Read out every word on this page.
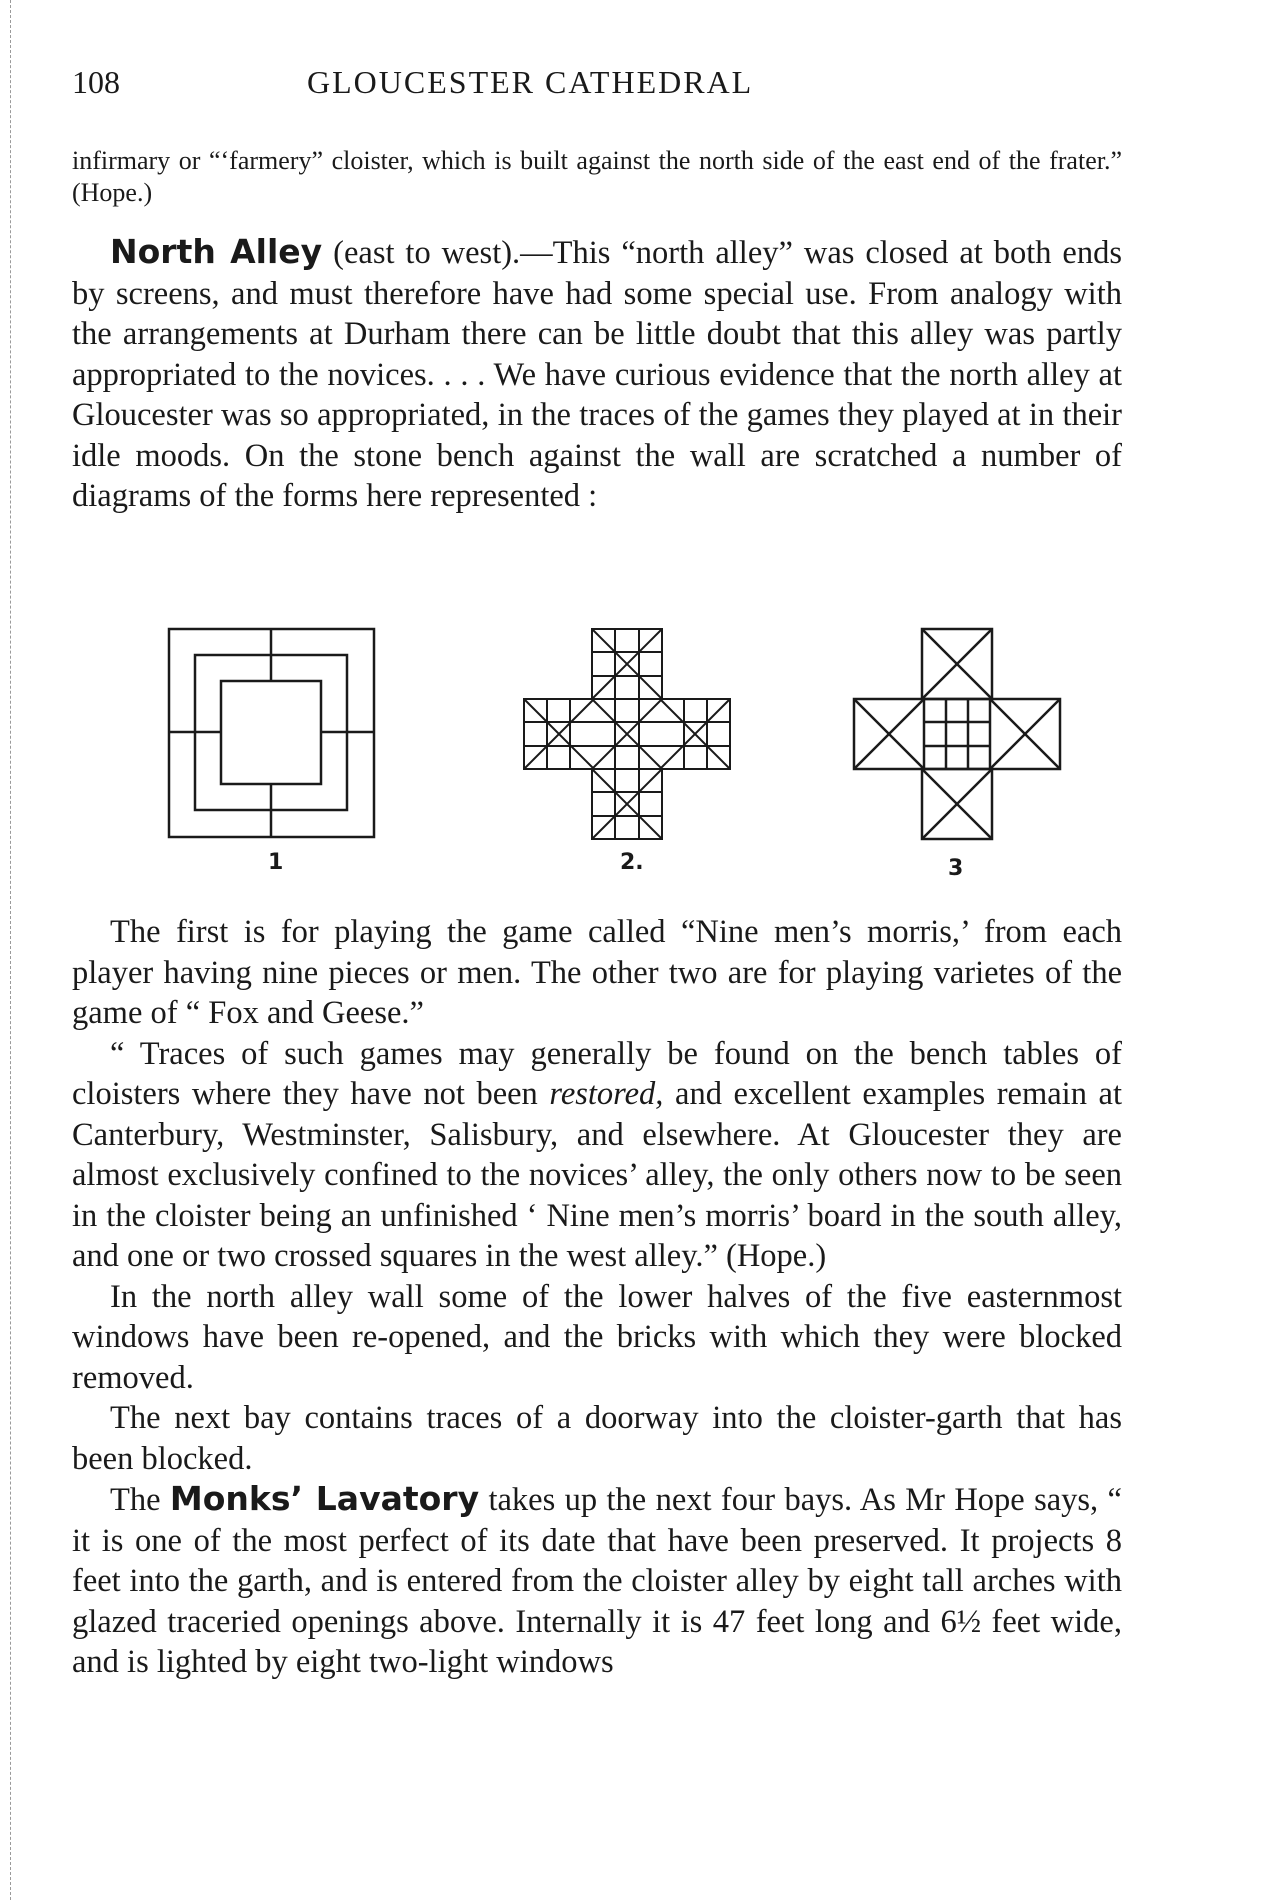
108	GLOUCESTER CATHEDRAL
infirmary or “‘farmery” cloister, which is built against the north side of the east end of the frater.” (Hope.)

North Alley (east to west).—This “north alley” was closed at both ends by screens, and must therefore have had some special use. From analogy with the arrangements at Durham there can be little doubt that this alley was partly appropriated to the novices. . . . We have curious evidence that the north alley at Gloucester was so appropriated, in the traces of the games they played at in their idle moods. On the stone bench against the wall are scratched a number of diagrams of the forms here represented :

1	2.	3

The first is for playing the game called “Nine men’s morris,’ from each player having nine pieces or men. The other two are for playing varietes of the game of “ Fox and Geese.”

“ Traces of such games may generally be found on the bench tables of cloisters where they have not been restored, and excellent examples remain at Canterbury, Westminster, Salisbury, and elsewhere. At Gloucester they are almost exclusively confined to the novices’ alley, the only others now to be seen in the cloister being an unfinished ‘ Nine men’s morris’ board in the south alley, and one or two crossed squares in the west alley.” (Hope.)

In the north alley wall some of the lower halves of the five easternmost windows have been re-opened, and the bricks with which they were blocked removed.

The next bay contains traces of a doorway into the cloister-garth that has been blocked.

The Monks’ Lavatory takes up the next four bays. As Mr Hope says, “ it is one of the most perfect of its date that have been preserved. It projects 8 feet into the garth, and is entered from the cloister alley by eight tall arches with glazed traceried openings above. Internally it is 47 feet long and 6½ feet wide, and is lighted by eight two-light windows
